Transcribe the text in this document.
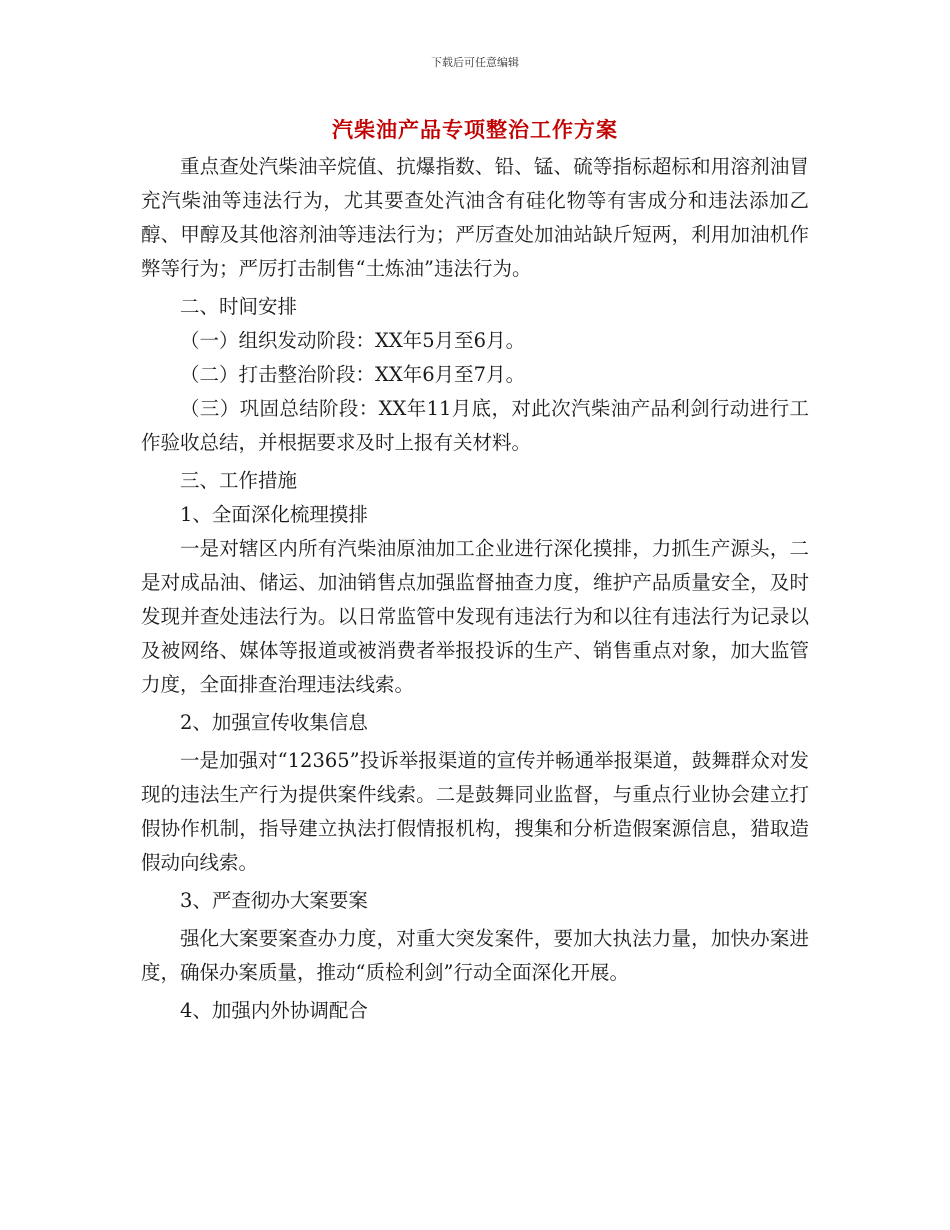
下载后可任意编辑
汽柴油产品专项整治工作方案

重点查处汽柴油辛烷值、抗爆指数、铅、锰、硫等指标超标和用溶剂油冒充汽柴油等违法行为，尤其要查处汽油含有硅化物等有害成分和违法添加乙醇、甲醇及其他溶剂油等违法行为；严厉查处加油站缺斤短两，利用加油机作弊等行为；严厉打击制售“土炼油”违法行为。

二、时间安排

（一）组织发动阶段：XX年5月至6月。

（二）打击整治阶段：XX年6月至7月。

（三）巩固总结阶段：XX年11月底，对此次汽柴油产品利剑行动进行工作验收总结，并根据要求及时上报有关材料。

三、工作措施

1、全面深化梳理摸排

一是对辖区内所有汽柴油原油加工企业进行深化摸排，力抓生产源头，二是对成品油、储运、加油销售点加强监督抽查力度，维护产品质量安全，及时发现并查处违法行为。以日常监管中发现有违法行为和以往有违法行为记录以及被网络、媒体等报道或被消费者举报投诉的生产、销售重点对象，加大监管力度，全面排查治理违法线索。

2、加强宣传收集信息

一是加强对“12365”投诉举报渠道的宣传并畅通举报渠道，鼓舞群众对发现的违法生产行为提供案件线索。二是鼓舞同业监督，与重点行业协会建立打假协作机制，指导建立执法打假情报机构，搜集和分析造假案源信息，猎取造假动向线索。

3、严查彻办大案要案

强化大案要案查办力度，对重大突发案件，要加大执法力量，加快办案进度，确保办案质量，推动“质检利剑”行动全面深化开展。

4、加强内外协调配合
